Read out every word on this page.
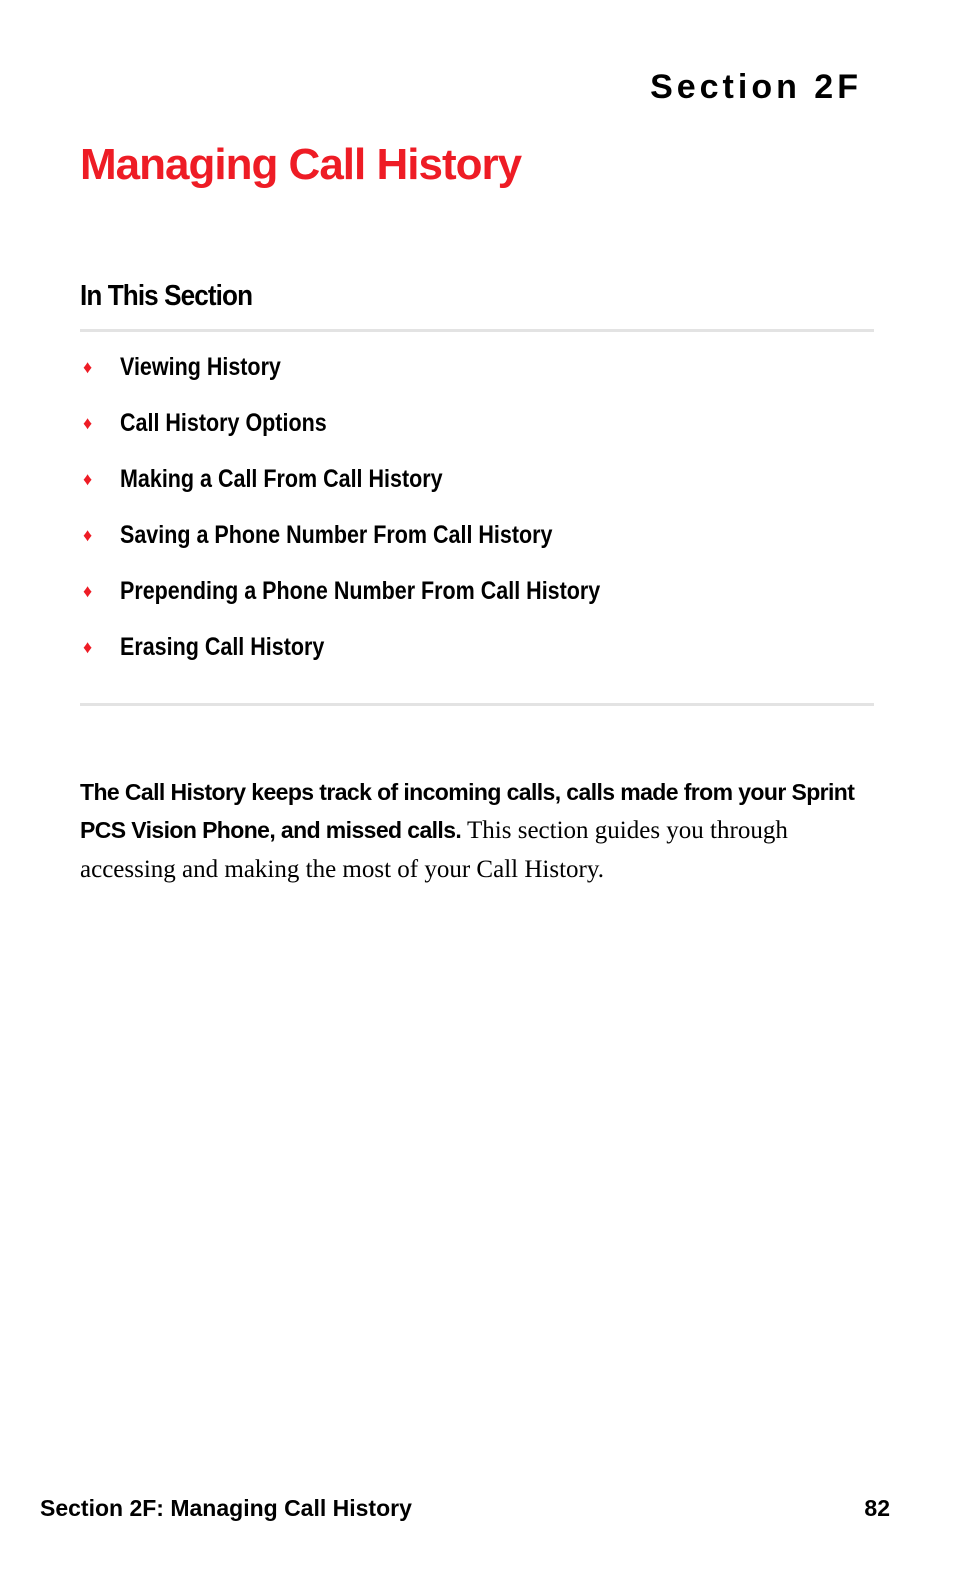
Section 2F
Managing Call History
In This Section
♦	Viewing History
♦	Call History Options
♦	Making a Call From Call History
♦	Saving a Phone Number From Call History
♦	Prepending a Phone Number From Call History
♦	Erasing Call History

The Call History keeps track of incoming calls, calls made from your Sprint PCS Vision Phone, and missed calls. This section guides you through accessing and making the most of your Call History.

Section 2F: Managing Call History	82
